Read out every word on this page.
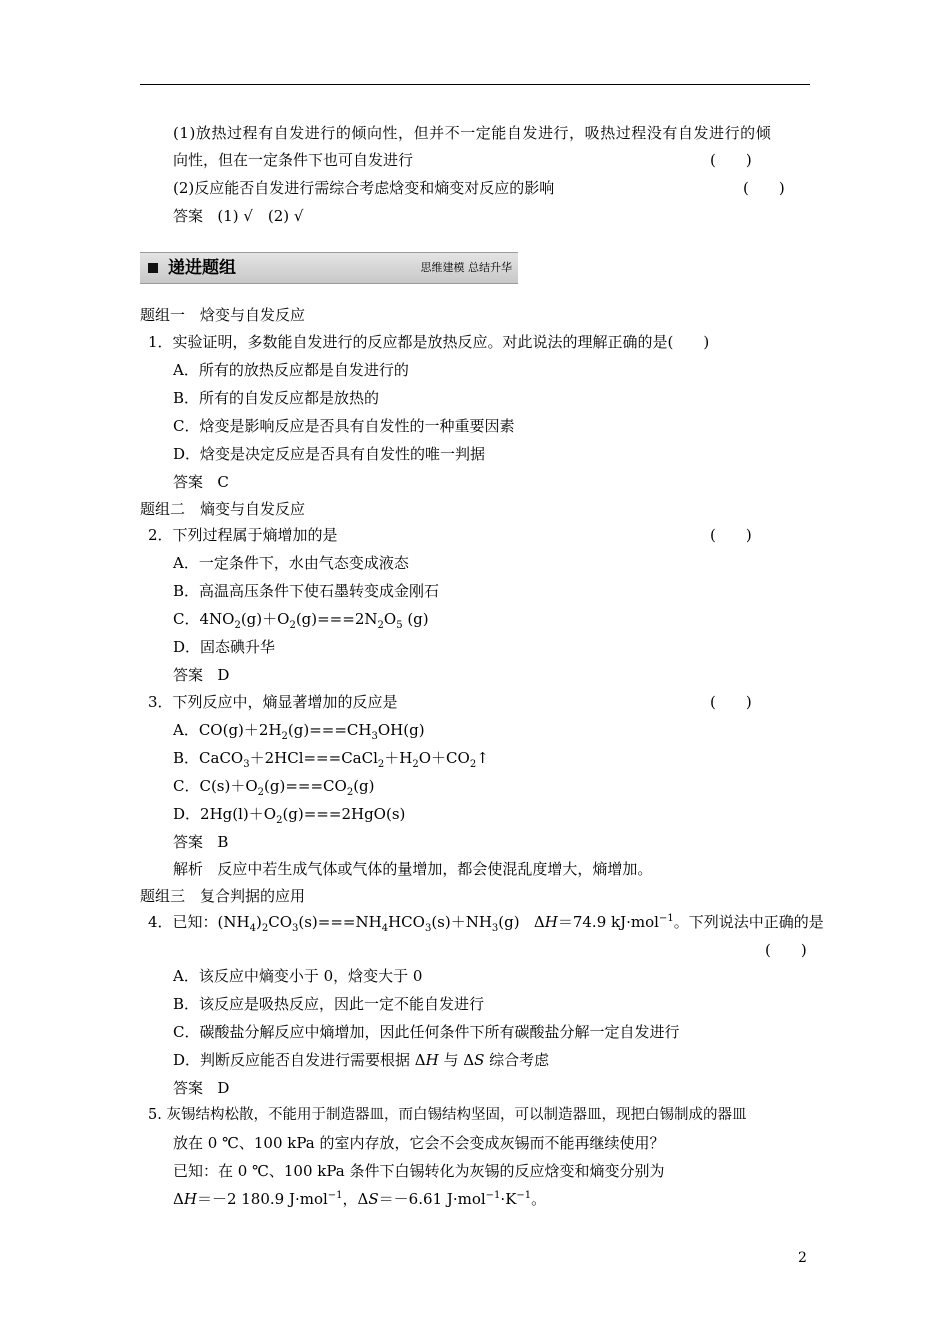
(1)放热过程有自发进行的倾向性，但并不一定能自发进行，吸热过程没有自发进行的倾
向性，但在一定条件下也可自发进行	(　　)
(2)反应能否自发进行需综合考虑焓变和熵变对反应的影响	(　　)
答案 (1) √　(2) √
递进题组	思维建模 总结升华
题组一　焓变与自发反应
1．实验证明，多数能自发进行的反应都是放热反应。对此说法的理解正确的是(　　)
A．所有的放热反应都是自发进行的
B．所有的自发反应都是放热的
C．焓变是影响反应是否具有自发性的一种重要因素
D．焓变是决定反应是否具有自发性的唯一判据
答案 C
题组二　熵变与自发反应
2．下列过程属于熵增加的是	(　　)
A．一定条件下，水由气态变成液态
B．高温高压条件下使石墨转变成金刚石
C．$4NO_2(g)+O_2(g)===2N_2O_5$ (g)
D．固态碘升华
答案 D
3．下列反应中，熵显著增加的反应是	(　　)
A．$CO(g)+2H_2(g)===CH_3OH(g)$
B．$CaCO_3+2HCl===CaCl_2+H_2O+CO_2↑$
C．$C(s)+O_2(g)===CO_2(g)$
D．$2Hg(l)+O_2(g)===2HgO(s)$
答案 B
解析 反应中若生成气体或气体的量增加，都会使混乱度增大，熵增加。
题组三　复合判据的应用
4．已知：$(NH_4)_2CO_3(s)===NH_4HCO_3(s)+NH_3(g)$   ΔH＝74.9 kJ·mol$^{-1}$。下列说法中正确的是
(　　)
A．该反应中熵变小于 0，焓变大于 0
B．该反应是吸热反应，因此一定不能自发进行
C．碳酸盐分解反应中熵增加，因此任何条件下所有碳酸盐分解一定自发进行
D．判断反应能否自发进行需要根据 ΔH 与 ΔS 综合考虑
答案 D
5. 灰锡结构松散，不能用于制造器皿，而白锡结构坚固，可以制造器皿，现把白锡制成的器皿
放在 0 ℃、100 kPa 的室内存放，它会不会变成灰锡而不能再继续使用？
已知：在 0 ℃、100 kPa 条件下白锡转化为灰锡的反应焓变和熵变分别为
ΔH＝－2 180.9 J·mol$^{-1}$，ΔS＝－6.61 $J\cdot mol^{-1}\cdot K^{-1}$。
2
